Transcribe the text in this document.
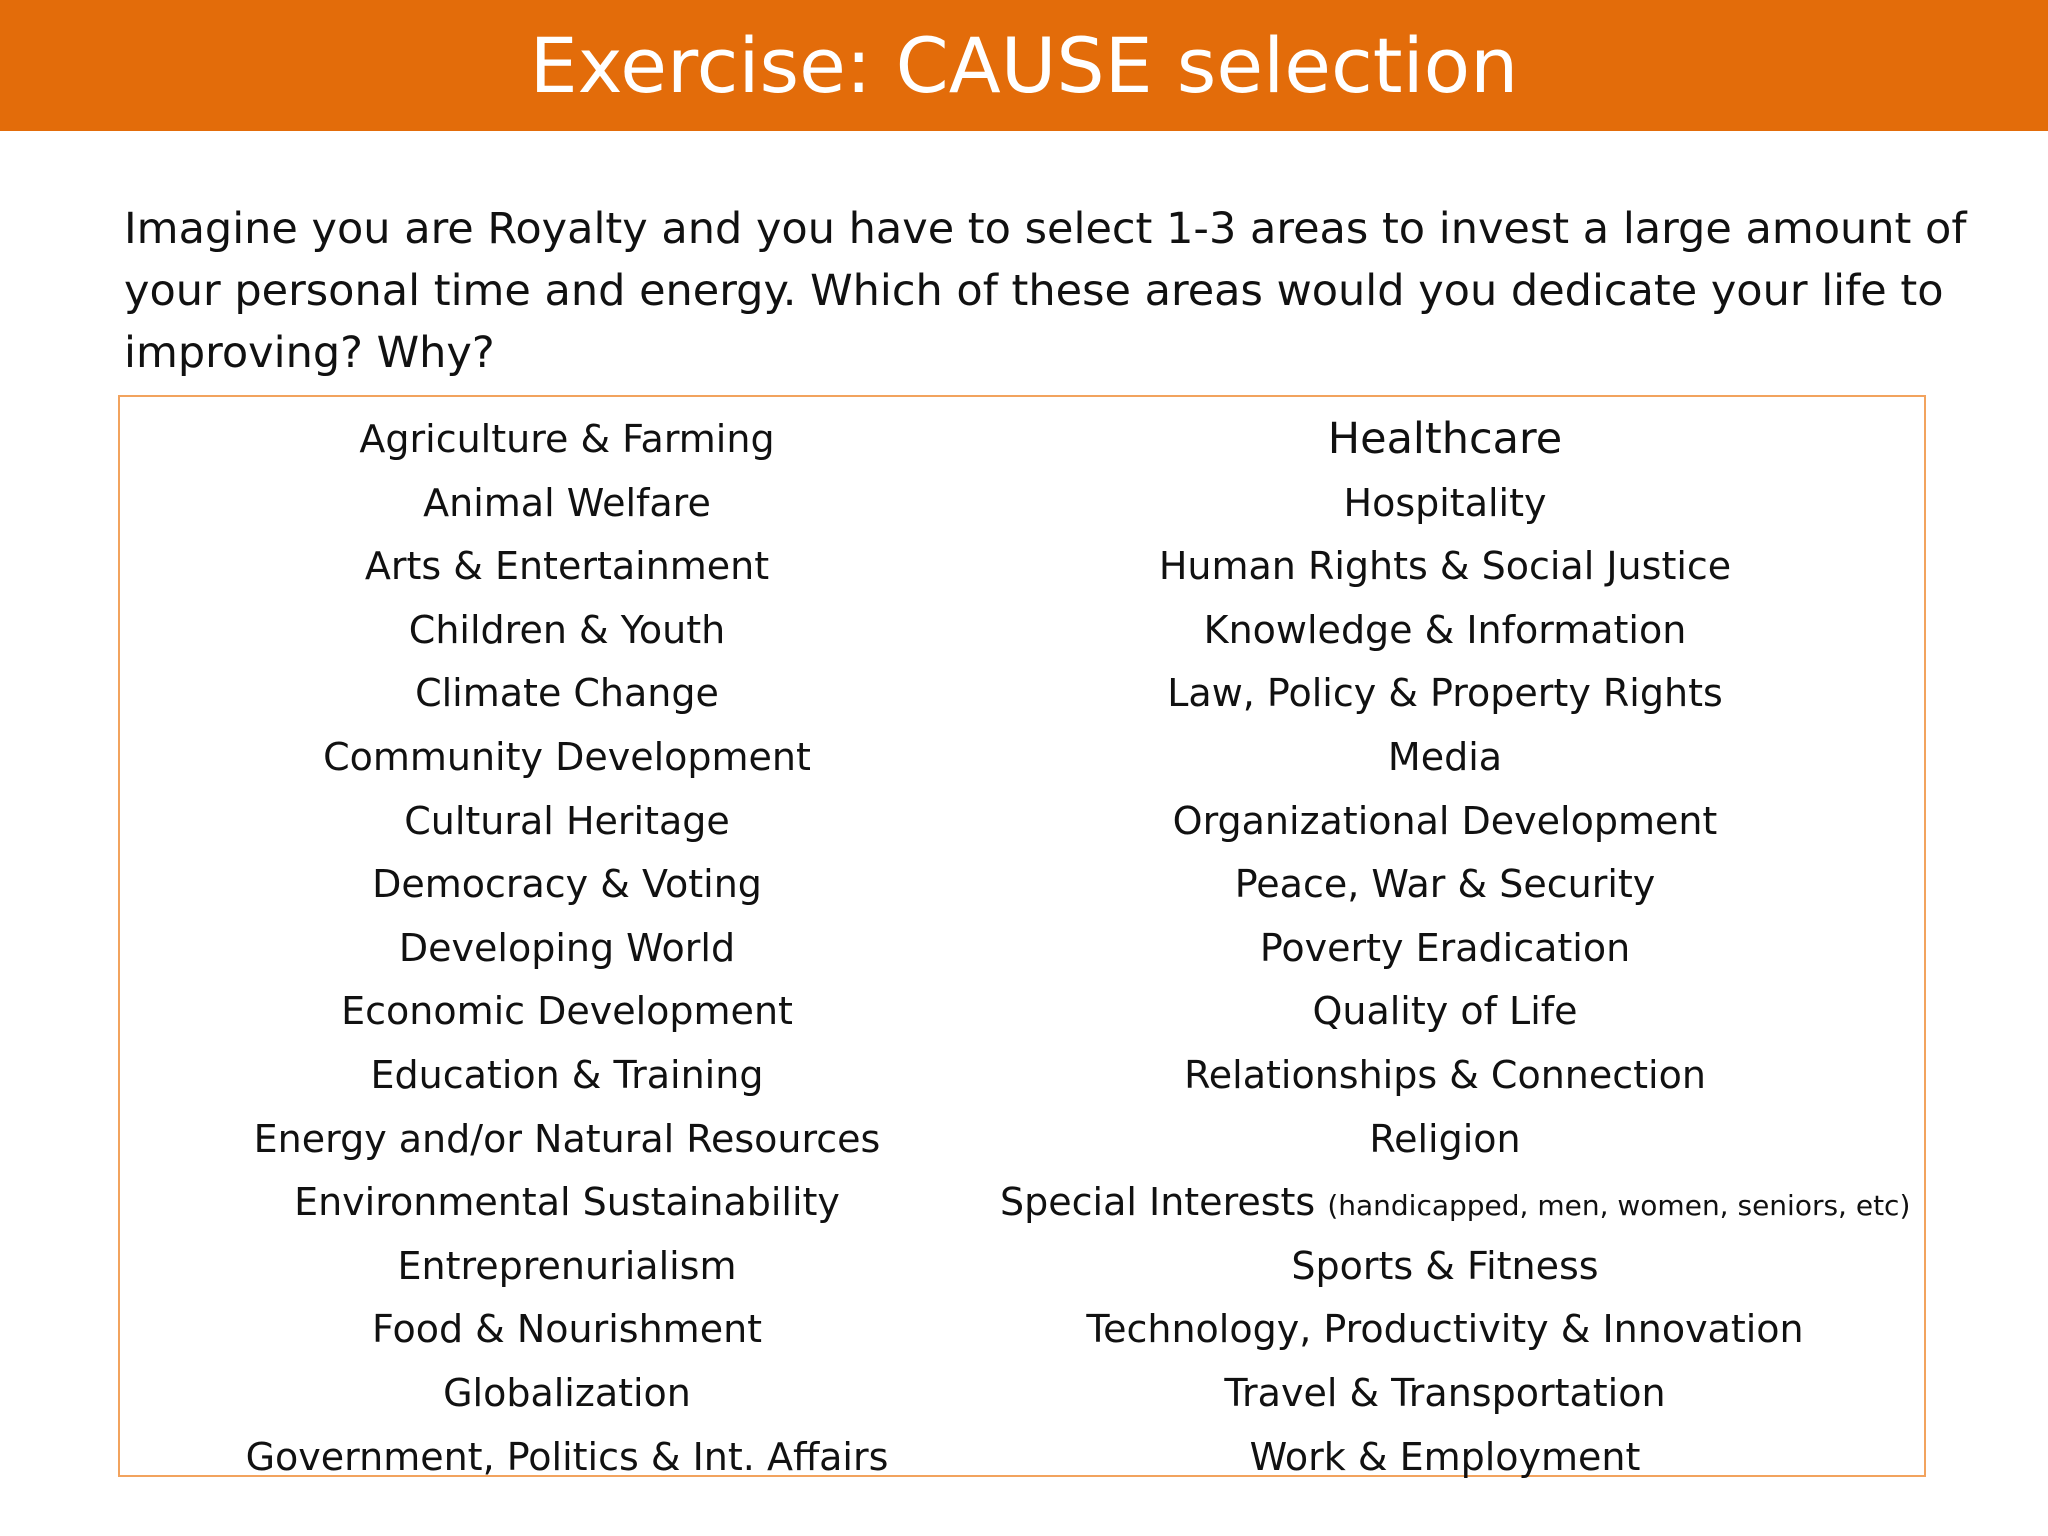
Exercise: CAUSE selection
Imagine you are Royalty and you have to select 1-3 areas to invest a large amount of your personal time and energy. Which of these areas would you dedicate your life to improving? Why?
Agriculture & Farming
Animal Welfare
Arts & Entertainment
Children & Youth
Climate Change
Community Development
Cultural Heritage
Democracy & Voting
Developing World
Economic Development
Education & Training
Energy and/or Natural Resources
Environmental Sustainability
Entreprenurialism
Food & Nourishment
Globalization
Government, Politics & Int. Affairs
Healthcare
Hospitality
Human Rights & Social Justice
Knowledge & Information
Law, Policy & Property Rights
Media
Organizational Development
Peace, War & Security
Poverty Eradication
Quality of Life
Relationships & Connection
Religion
Special Interests (handicapped, men, women, seniors, etc)
Sports & Fitness
Technology, Productivity & Innovation
Travel & Transportation
Work & Employment
